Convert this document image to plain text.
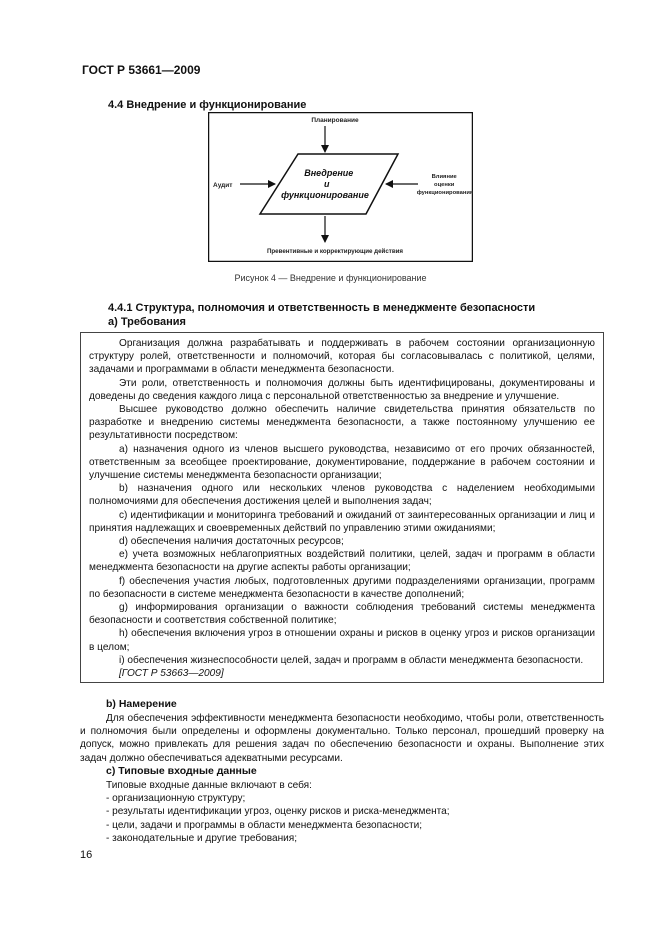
ГОСТ Р 53661—2009
4.4 Внедрение и функционирование
Планирование
Аудит
Влияние оценки функционирования
Внедрение и функционирование
Превентивные и корректирующие действия
Рисунок 4 — Внедрение и функционирование
4.4.1 Структура, полномочия и ответственность в менеджменте безопасности
а) Требования

Организация должна разрабатывать и поддерживать в рабочем состоянии организационную структуру ролей, ответственности и полномочий, которая бы согласовывалась с политикой, целями, задачами и программами в области менеджмента безопасности.

Эти роли, ответственность и полномочия должны быть идентифицированы, документированы и доведены до сведения каждого лица с персональной ответственностью за внедрение и улучшение.

Высшее руководство должно обеспечить наличие свидетельства принятия обязательств по разработке и внедрению системы менеджмента безопасности, а также постоянному улучшению ее результативности посредством:

a) назначения одного из членов высшего руководства, независимо от его прочих обязанностей, ответственным за всеобщее проектирование, документирование, поддержание в рабочем состоянии и улучшение системы менеджмента безопасности организации;

b) назначения одного или нескольких членов руководства с наделением необходимыми полномочиями для обеспечения достижения целей и выполнения задач;

c) идентификации и мониторинга требований и ожиданий от заинтересованных организации и лиц и принятия надлежащих и своевременных действий по управлению этими ожиданиями;

d) обеспечения наличия достаточных ресурсов;

e) учета возможных неблагоприятных воздействий политики, целей, задач и программ в области менеджмента безопасности на другие аспекты работы организации;

f) обеспечения участия любых, подготовленных другими подразделениями организации, программ по безопасности в системе менеджмента безопасности в качестве дополнений;

g) информирования организации о важности соблюдения требований системы менеджмента безопасности и соответствия собственной политике;

h) обеспечения включения угроз в отношении охраны и рисков в оценку угроз и рисков организации в целом;

i) обеспечения жизнеспособности целей, задач и программ в области менеджмента безопасности.

[ГОСТ Р 53663—2009]

b) Намерение

Для обеспечения эффективности менеджмента безопасности необходимо, чтобы роли, ответственность и полномочия были определены и оформлены документально. Только персонал, прошедший проверку на допуск, можно привлекать для решения задач по обеспечению безопасности и охраны. Выполнение этих задач должно обеспечиваться адекватными ресурсами.

c) Типовые входные данные
Типовые входные данные включают в себя:
- организационную структуру;
- результаты идентификации угроз, оценку рисков и риска-менеджмента;
- цели, задачи и программы в области менеджмента безопасности;
- законодательные и другие требования;
16
